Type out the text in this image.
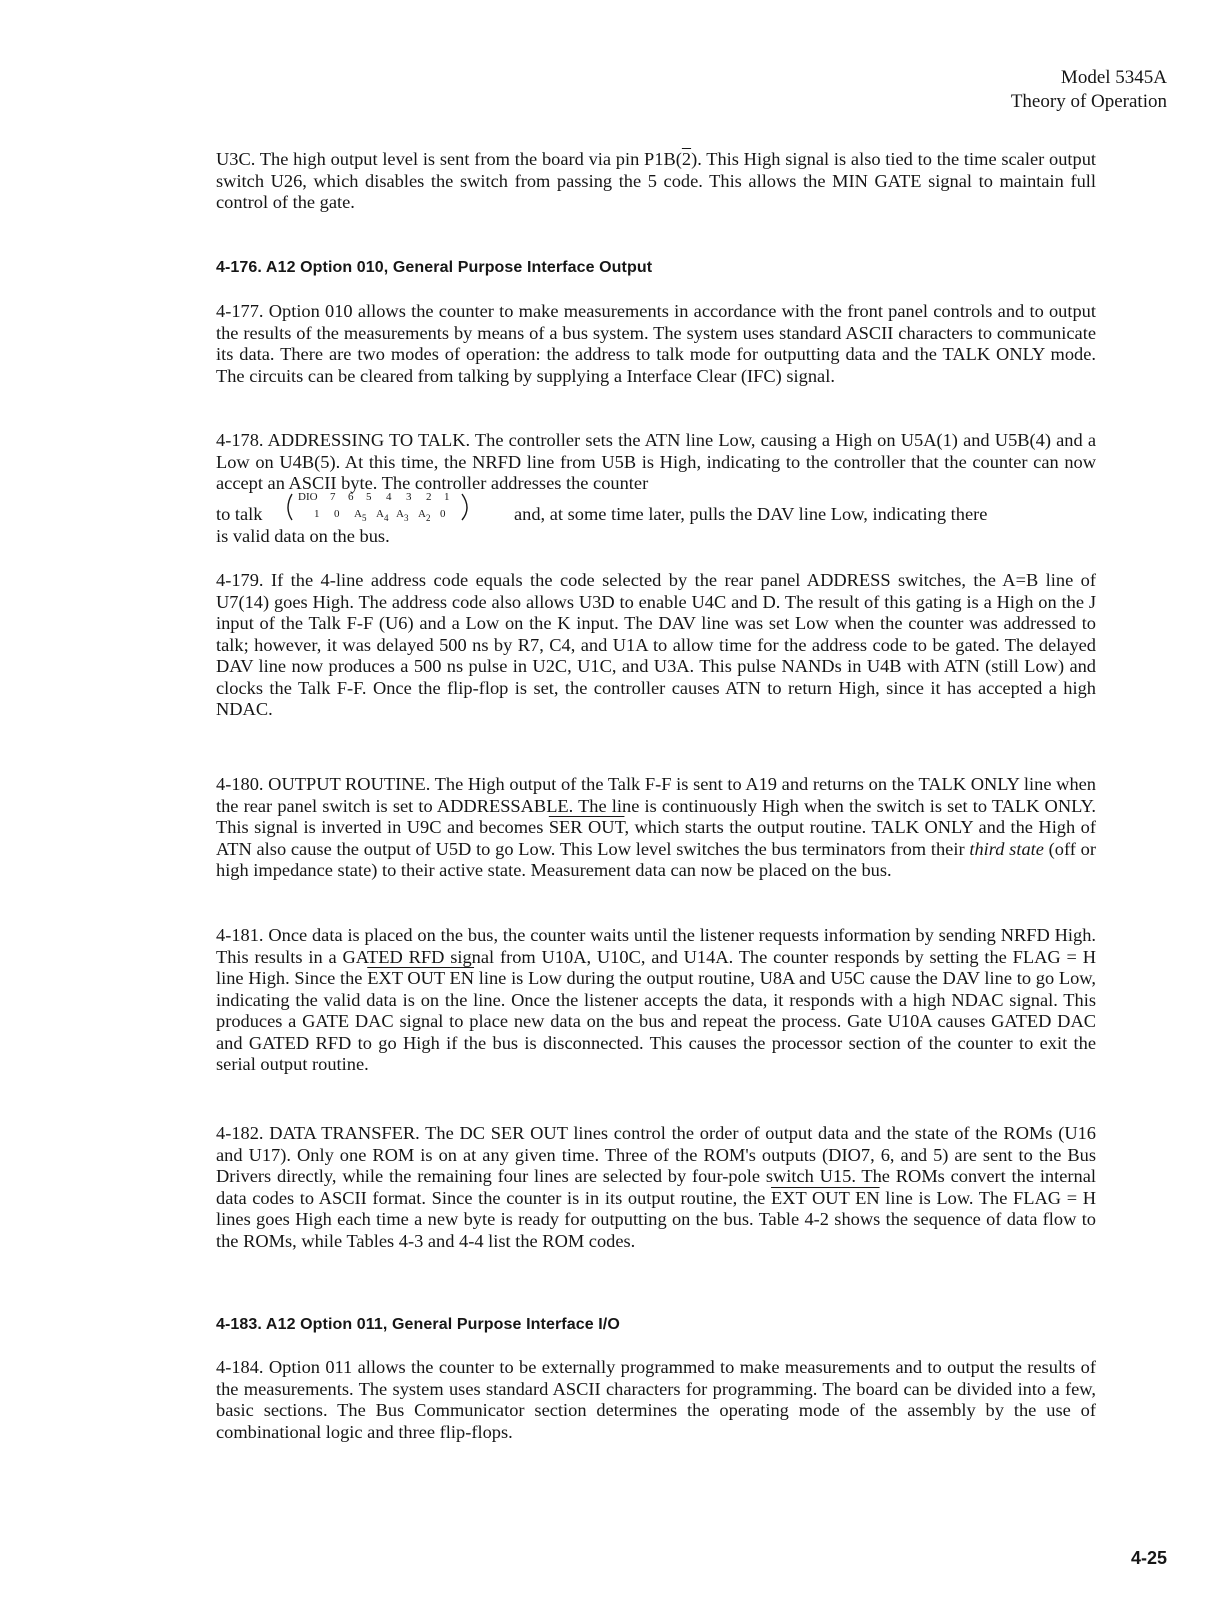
Model 5345A
Theory of Operation
U3C. The high output level is sent from the board via pin P1B(2). This High signal is also tied to the time scaler output switch U26, which disables the switch from passing the 5 code. This allows the MIN GATE signal to maintain full control of the gate.
4-176. A12 Option 010, General Purpose Interface Output
4-177. Option 010 allows the counter to make measurements in accordance with the front panel controls and to output the results of the measurements by means of a bus system. The system uses standard ASCII characters to communicate its data. There are two modes of operation: the address to talk mode for outputting data and the TALK ONLY mode. The circuits can be cleared from talking by supplying a Interface Clear (IFC) signal.
4-178. ADDRESSING TO TALK. The controller sets the ATN line Low, causing a High on U5A(1) and U5B(4) and a Low on U4B(5). At this time, the NRFD line from U5B is High, indicating to the controller that the counter can now accept an ASCII byte. The controller addresses the counter
to talk
DIO 7 6 5 4 3 2 1
1 0 $A_5$ $A_4$ $A_3$ $A_2$ 0	and, at some time later, pulls the DAV line Low, indicating there
is valid data on the bus.
4-179. If the 4-line address code equals the code selected by the rear panel ADDRESS switches, the A=B line of U7(14) goes High. The address code also allows U3D to enable U4C and D. The result of this gating is a High on the J input of the Talk F-F (U6) and a Low on the K input. The DAV line was set Low when the counter was addressed to talk; however, it was delayed 500 ns by R7, C4, and U1A to allow time for the address code to be gated. The delayed DAV line now produces a 500 ns pulse in U2C, U1C, and U3A. This pulse NANDs in U4B with ATN (still Low) and clocks the Talk F-F. Once the flip-flop is set, the controller causes ATN to return High, since it has accepted a high NDAC.
4-180. OUTPUT ROUTINE. The High output of the Talk F-F is sent to A19 and returns on the TALK ONLY line when the rear panel switch is set to ADDRESSABLE. The line is continuously High when the switch is set to TALK ONLY. This signal is inverted in U9C and becomes SER OUT, which starts the output routine. TALK ONLY and the High of ATN also cause the output of U5D to go Low. This Low level switches the bus terminators from their third state (off or high impedance state) to their active state. Measurement data can now be placed on the bus.
4-181. Once data is placed on the bus, the counter waits until the listener requests information by sending NRFD High. This results in a GATED RFD signal from U10A, U10C, and U14A. The counter responds by setting the FLAG = H line High. Since the EXT OUT EN line is Low during the output routine, U8A and U5C cause the DAV line to go Low, indicating the valid data is on the line. Once the listener accepts the data, it responds with a high NDAC signal. This produces a GATE DAC signal to place new data on the bus and repeat the process. Gate U10A causes GATED DAC and GATED RFD to go High if the bus is disconnected. This causes the processor section of the counter to exit the serial output routine.
4-182. DATA TRANSFER. The DC SER OUT lines control the order of output data and the state of the ROMs (U16 and U17). Only one ROM is on at any given time. Three of the ROM's outputs (DIO7, 6, and 5) are sent to the Bus Drivers directly, while the remaining four lines are selected by four-pole switch U15. The ROMs convert the internal data codes to ASCII format. Since the counter is in its output routine, the EXT OUT EN line is Low. The FLAG = H lines goes High each time a new byte is ready for outputting on the bus. Table 4-2 shows the sequence of data flow to the ROMs, while Tables 4-3 and 4-4 list the ROM codes.
4-183. A12 Option 011, General Purpose Interface I/O
4-184. Option 011 allows the counter to be externally programmed to make measurements and to output the results of the measurements. The system uses standard ASCII characters for programming. The board can be divided into a few, basic sections. The Bus Communicator section determines the operating mode of the assembly by the use of combinational logic and three flip-flops.
4-25
